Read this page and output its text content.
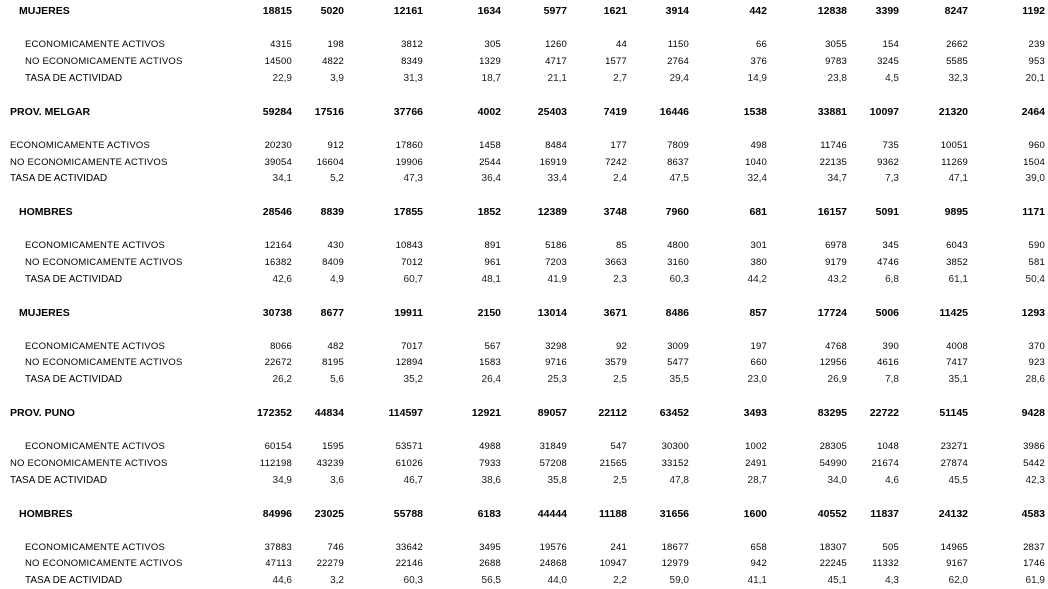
MUJERES	18815	5020	12161	1634	5977	1621	3914	442	12838	3399	8247	1192
ECONOMICAMENTE ACTIVOS	4315	198	3812	305	1260	44	1150	66	3055	154	2662	239
NO ECONOMICAMENTE ACTIVOS	14500	4822	8349	1329	4717	1577	2764	376	9783	3245	5585	953
TASA DE ACTIVIDAD	22,9	3,9	31,3	18,7	21,1	2,7	29,4	14,9	23,8	4,5	32,3	20,1
PROV. MELGAR	59284	17516	37766	4002	25403	7419	16446	1538	33881	10097	21320	2464
ECONOMICAMENTE ACTIVOS	20230	912	17860	1458	8484	177	7809	498	11746	735	10051	960
NO ECONOMICAMENTE ACTIVOS	39054	16604	19906	2544	16919	7242	8637	1040	22135	9362	11269	1504
TASA DE ACTIVIDAD	34,1	5,2	47,3	36,4	33,4	2,4	47,5	32,4	34,7	7,3	47,1	39,0
HOMBRES	28546	8839	17855	1852	12389	3748	7960	681	16157	5091	9895	1171
ECONOMICAMENTE ACTIVOS	12164	430	10843	891	5186	85	4800	301	6978	345	6043	590
NO ECONOMICAMENTE ACTIVOS	16382	8409	7012	961	7203	3663	3160	380	9179	4746	3852	581
TASA DE ACTIVIDAD	42,6	4,9	60,7	48,1	41,9	2,3	60,3	44,2	43,2	6,8	61,1	50,4
MUJERES	30738	8677	19911	2150	13014	3671	8486	857	17724	5006	11425	1293
ECONOMICAMENTE ACTIVOS	8066	482	7017	567	3298	92	3009	197	4768	390	4008	370
NO ECONOMICAMENTE ACTIVOS	22672	8195	12894	1583	9716	3579	5477	660	12956	4616	7417	923
TASA DE ACTIVIDAD	26,2	5,6	35,2	26,4	25,3	2,5	35,5	23,0	26,9	7,8	35,1	28,6
PROV. PUNO	172352	44834	114597	12921	89057	22112	63452	3493	83295	22722	51145	9428
ECONOMICAMENTE ACTIVOS	60154	1595	53571	4988	31849	547	30300	1002	28305	1048	23271	3986
NO ECONOMICAMENTE ACTIVOS	112198	43239	61026	7933	57208	21565	33152	2491	54990	21674	27874	5442
TASA DE ACTIVIDAD	34,9	3,6	46,7	38,6	35,8	2,5	47,8	28,7	34,0	4,6	45,5	42,3
HOMBRES	84996	23025	55788	6183	44444	11188	31656	1600	40552	11837	24132	4583
ECONOMICAMENTE ACTIVOS	37883	746	33642	3495	19576	241	18677	658	18307	505	14965	2837
NO ECONOMICAMENTE ACTIVOS	47113	22279	22146	2688	24868	10947	12979	942	22245	11332	9167	1746
TASA DE ACTIVIDAD	44,6	3,2	60,3	56,5	44,0	2,2	59,0	41,1	45,1	4,3	62,0	61,9
